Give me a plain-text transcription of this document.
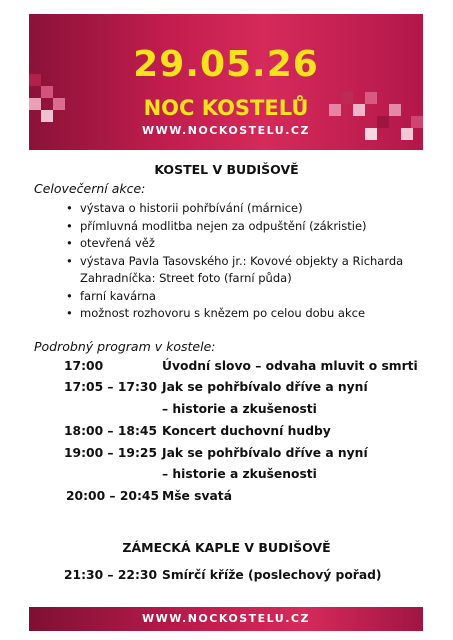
29.05.26
NOC KOSTELŮ
WWW.NOCKOSTELU.CZ
KOSTEL V BUDIŠOVĚ
Celovečerní akce:
• výstava o historii pohřbívání (márnice)
• přímluvná modlitba nejen za odpuštění (zákristie)
• otevřená věž
• výstava Pavla Tasovského jr.: Kovové objekty a Richarda Zahradníčka: Street foto (farní půda)
• farní kavárna
• možnost rozhovoru s knězem po celou dobu akce
Podrobný program v kostele:
17:00	Úvodní slovo – odvaha mluvit o smrti
17:05 – 17:30 Jak se pohřbívalo dříve a nyní
– historie a zkušenosti
18:00 – 18:45 Koncert duchovní hudby
19:00 – 19:25 Jak se pohřbívalo dříve a nyní
– historie a zkušenosti
20:00 – 20:45 Mše svatá
ZÁMECKÁ KAPLE V BUDIŠOVĚ
21:30 – 22:30 Smírčí kříže (poslechový pořad)
WWW.NOCKOSTELU.CZ
